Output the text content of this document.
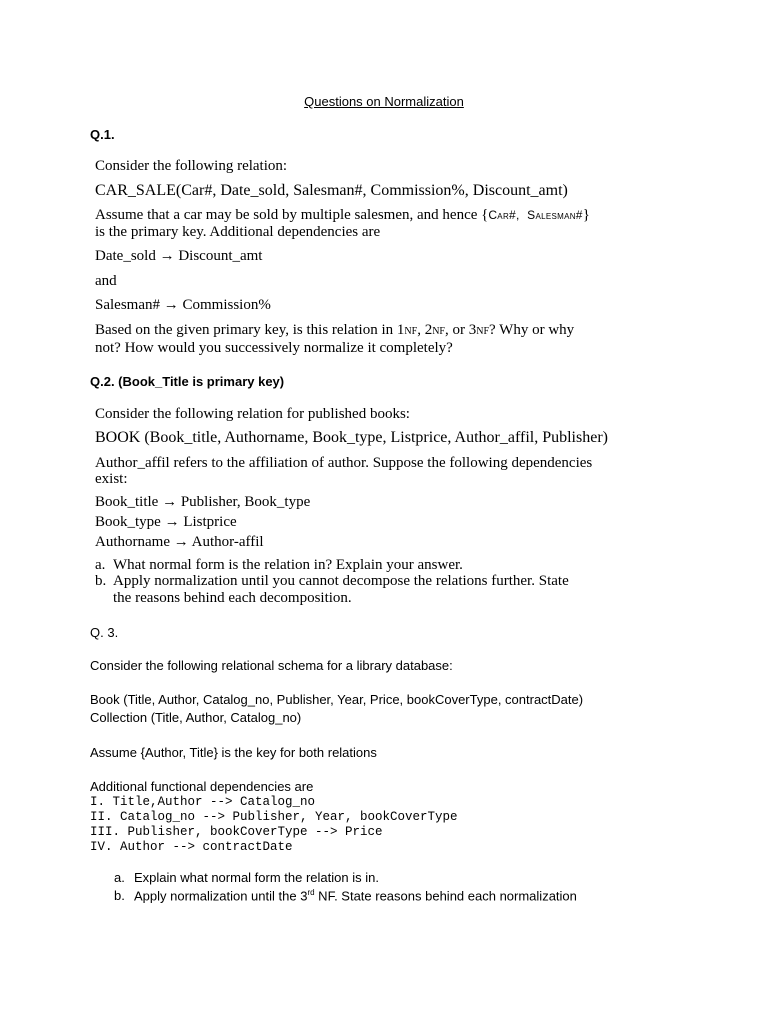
Questions on Normalization
Q.1.
Consider the following relation:
CAR_SALE(Car#, Date_sold, Salesman#, Commission%, Discount_amt)
Assume that a car may be sold by multiple salesmen, and hence {Car#, Salesman#}
is the primary key. Additional dependencies are
Date_sold → Discount_amt
and
Salesman# → Commission%
Based on the given primary key, is this relation in 1nf, 2nf, or 3nf? Why or why
not? How would you successively normalize it completely?
Q.2. (Book_Title is primary key)
Consider the following relation for published books:
BOOK (Book_title, Authorname, Book_type, Listprice, Author_affil, Publisher)
Author_affil refers to the affiliation of author. Suppose the following dependencies
exist:
Book_title → Publisher, Book_type
Book_type → Listprice
Authorname → Author-affil
a. What normal form is the relation in? Explain your answer.
b. Apply normalization until you cannot decompose the relations further. State
the reasons behind each decomposition.
Q. 3.
Consider the following relational schema for a library database:
Book (Title, Author, Catalog_no, Publisher, Year, Price, bookCoverType, contractDate)
Collection (Title, Author, Catalog_no)
Assume {Author, Title} is the key for both relations
Additional functional dependencies are
I. Title,Author --> Catalog_no
II. Catalog_no --> Publisher, Year, bookCoverType
III. Publisher, bookCoverType --> Price
IV. Author --> contractDate
a. Explain what normal form the relation is in.
b. Apply normalization until the 3rd NF. State reasons behind each normalization
